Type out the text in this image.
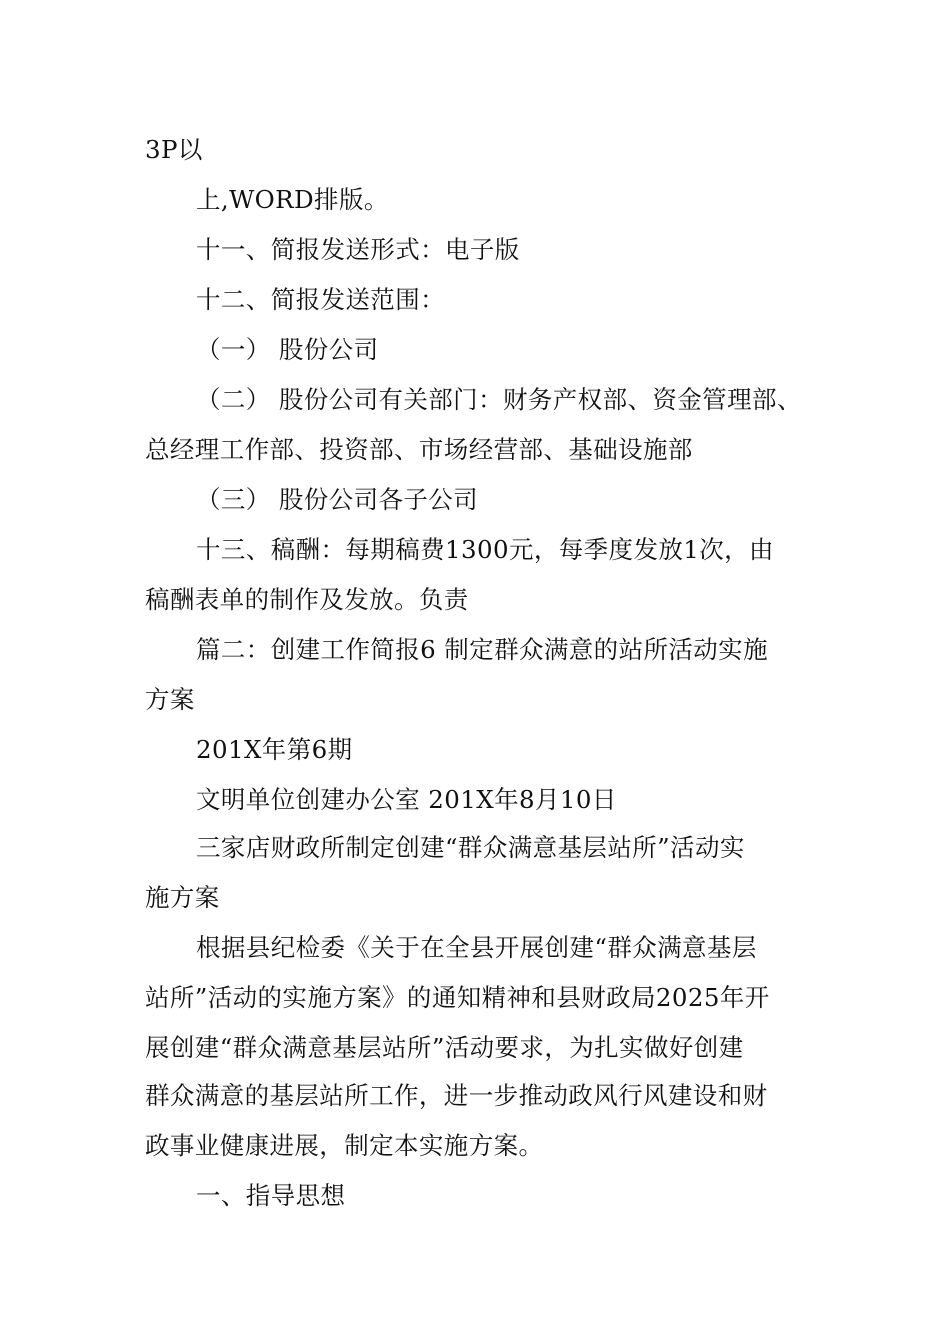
3P以
上,WORD排版。
十一、简报发送形式：电子版
十二、简报发送范围：
（一） 股份公司
（二） 股份公司有关部门：财务产权部、资金管理部、
总经理工作部、投资部、市场经营部、基础设施部
（三） 股份公司各子公司
十三、稿酬：每期稿费1300元，每季度发放1次，由
稿酬表单的制作及发放。负责
篇二：创建工作简报6 制定群众满意的站所活动实施
方案
201X年第6期
文明单位创建办公室 201X年8月10日
三家店财政所制定创建“群众满意基层站所”活动实
施方案
根据县纪检委《关于在全县开展创建“群众满意基层
站所”活动的实施方案》的通知精神和县财政局2025年开
展创建“群众满意基层站所”活动要求，为扎实做好创建
群众满意的基层站所工作，进一步推动政风行风建设和财
政事业健康进展，制定本实施方案。
一、指导思想
